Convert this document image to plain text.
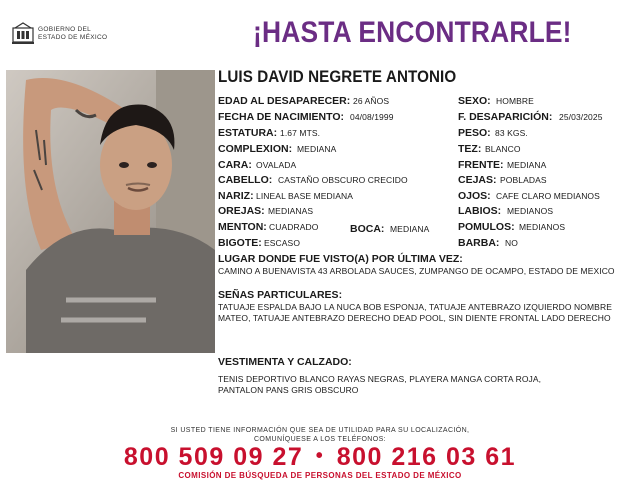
GOBIERNO DEL
ESTADO DE MÉXICO	¡HASTA ENCONTRARLE!
LUIS DAVID NEGRETE ANTONIO
EDAD AL DESAPARECER: 26 AÑOS
FECHA DE NACIMIENTO: 04/08/1999
ESTATURA: 1.67 MTS.
COMPLEXION: MEDIANA
CARA: OVALADA
CABELLO: CASTAÑO OBSCURO CRECIDO
NARIZ: LINEAL BASE MEDIANA
OREJAS: MEDIANAS
MENTON: CUADRADO	BOCA: MEDIANA
BIGOTE: ESCASO
SEXO: HOMBRE
F. DESAPARICIÓN: 25/03/2025
PESO: 83 KGS.
TEZ: BLANCO
FRENTE: MEDIANA
CEJAS: POBLADAS
OJOS: CAFE CLARO MEDIANOS
LABIOS: MEDIANOS
POMULOS: MEDIANOS
BARBA: NO
LUGAR DONDE FUE VISTO(A) POR ÚLTIMA VEZ:
CAMINO A BUENAVISTA 43 ARBOLADA SAUCES, ZUMPANGO DE OCAMPO, ESTADO DE MEXICO
SEÑAS PARTICULARES:
TATUAJE ESPALDA BAJO LA NUCA BOB ESPONJA, TATUAJE ANTEBRAZO IZQUIERDO NOMBRE MATEO, TATUAJE ANTEBRAZO DERECHO DEAD POOL, SIN DIENTE FRONTAL LADO DERECHO
VESTIMENTA Y CALZADO:
TENIS DEPORTIVO BLANCO RAYAS NEGRAS, PLAYERA MANGA CORTA ROJA, PANTALON PANS GRIS OBSCURO
SI USTED TIENE INFORMACIÓN QUE SEA DE UTILIDAD PARA SU LOCALIZACIÓN,
COMUNÍQUESE A LOS TELÉFONOS:
800 509 09 27 • 800 216 03 61
COMISIÓN DE BÚSQUEDA DE PERSONAS DEL ESTADO DE MÉXICO
